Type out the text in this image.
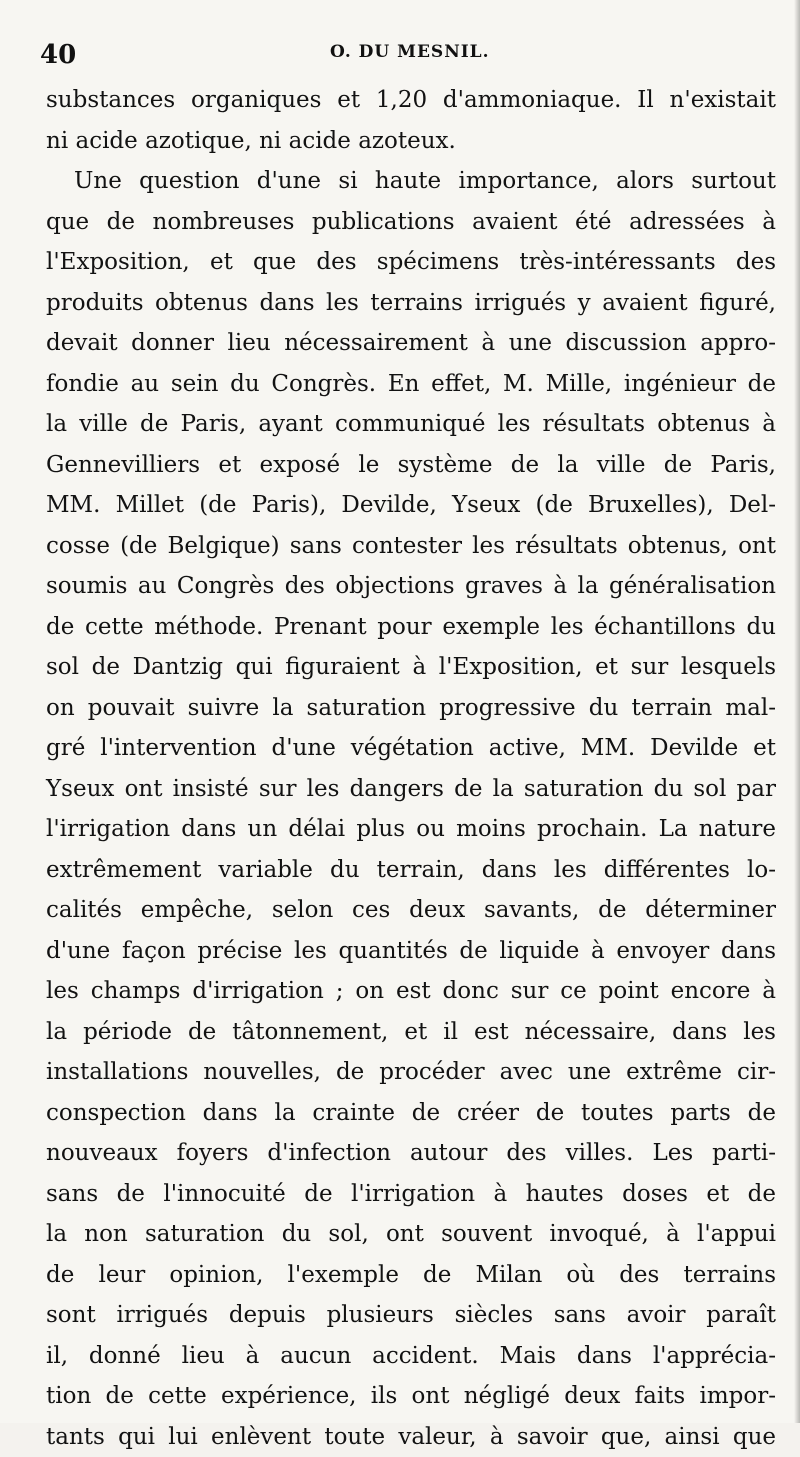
40	O. DU MESNIL.
substances organiques et 1,20 d'ammoniaque. Il n'existait
ni acide azotique, ni acide azoteux.
Une question d'une si haute importance, alors surtout
que de nombreuses publications avaient été adressées à
l'Exposition, et que des spécimens très-intéressants des
produits obtenus dans les terrains irrigués y avaient figuré,
devait donner lieu nécessairement à une discussion appro-
fondie au sein du Congrès. En effet, M. Mille, ingénieur de
la ville de Paris, ayant communiqué les résultats obtenus à
Gennevilliers et exposé le système de la ville de Paris,
MM. Millet (de Paris), Devilde, Yseux (de Bruxelles), Del-
cosse (de Belgique) sans contester les résultats obtenus, ont
soumis au Congrès des objections graves à la généralisation
de cette méthode. Prenant pour exemple les échantillons du
sol de Dantzig qui figuraient à l'Exposition, et sur lesquels
on pouvait suivre la saturation progressive du terrain mal-
gré l'intervention d'une végétation active, MM. Devilde et
Yseux ont insisté sur les dangers de la saturation du sol par
l'irrigation dans un délai plus ou moins prochain. La nature
extrêmement variable du terrain, dans les différentes lo-
calités empêche, selon ces deux savants, de déterminer
d'une façon précise les quantités de liquide à envoyer dans
les champs d'irrigation ; on est donc sur ce point encore à
la période de tâtonnement, et il est nécessaire, dans les
installations nouvelles, de procéder avec une extrême cir-
conspection dans la crainte de créer de toutes parts de
nouveaux foyers d'infection autour des villes. Les parti-
sans de l'innocuité de l'irrigation à hautes doses et de
la non saturation du sol, ont souvent invoqué, à l'appui
de leur opinion, l'exemple de Milan où des terrains
sont irrigués depuis plusieurs siècles sans avoir paraît
il, donné lieu à aucun accident. Mais dans l'apprécia-
tion de cette expérience, ils ont négligé deux faits impor-
tants qui lui enlèvent toute valeur, à savoir que, ainsi que
